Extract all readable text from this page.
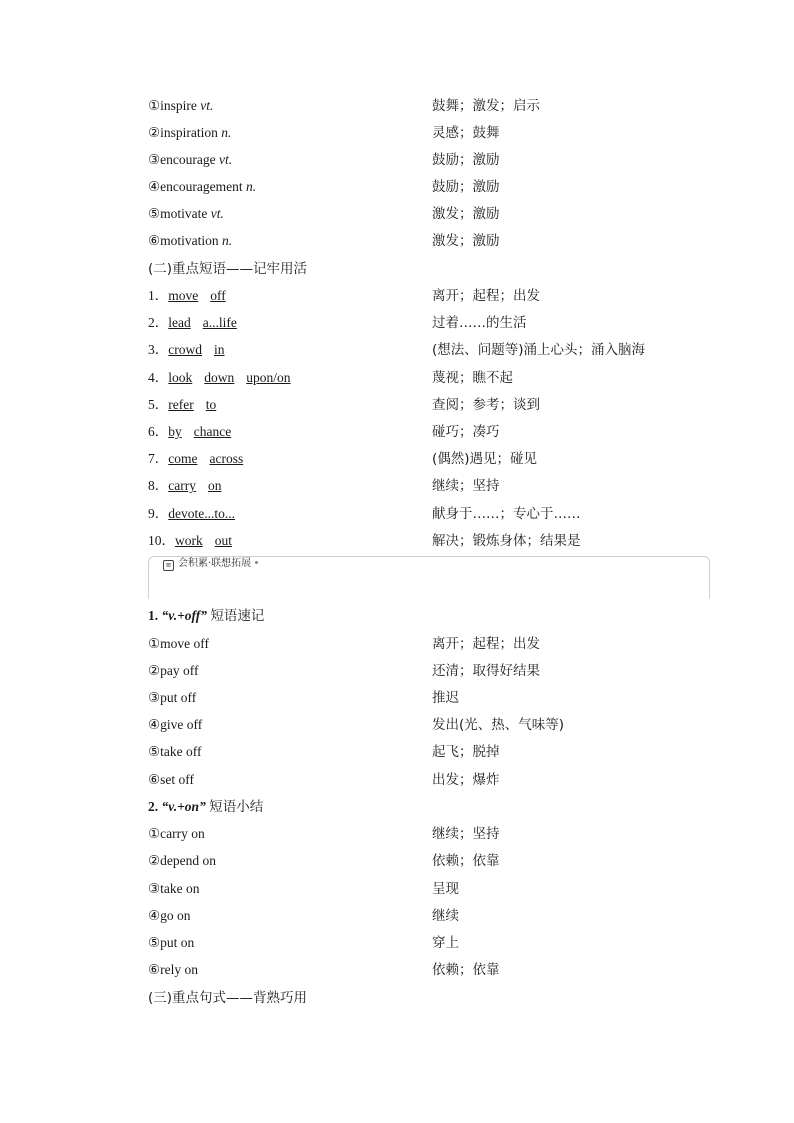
①inspire vt.	鼓舞；激发；启示
②inspiration n.	灵感；鼓舞
③encourage vt.	鼓励；激励
④encouragement n.	鼓励；激励
⑤motivate vt.	激发；激励
⑥motivation n.	激发；激励
(二)重点短语——记牢用活
1．move off	离开；起程；出发
2．lead a...life	过着……的生活
3．crowd in	(想法、问题等)涌上心头；涌入脑海
4．look down upon/on	蔑视；瞧不起
5．refer to	查阅；参考；谈到
6．by chance	碰巧；凑巧
7．come across	(偶然)遇见；碰见
8．carry on	继续；坚持
9．devote...to...	献身于……；专心于……
10．work out	解决；锻炼身体；结果是
≡ 会积累·联想拓展
1. “v.+off” 短语速记
①move off	离开；起程；出发
②pay off	还清；取得好结果
③put off	推迟
④give off	发出(光、热、气味等)
⑤take off	起飞；脱掉
⑥set off	出发；爆炸
2. “v.+on” 短语小结
①carry on	继续；坚持
②depend on	依赖；依靠
③take on	呈现
④go on	继续
⑤put on	穿上
⑥rely on	依赖；依靠
(三)重点句式——背熟巧用
